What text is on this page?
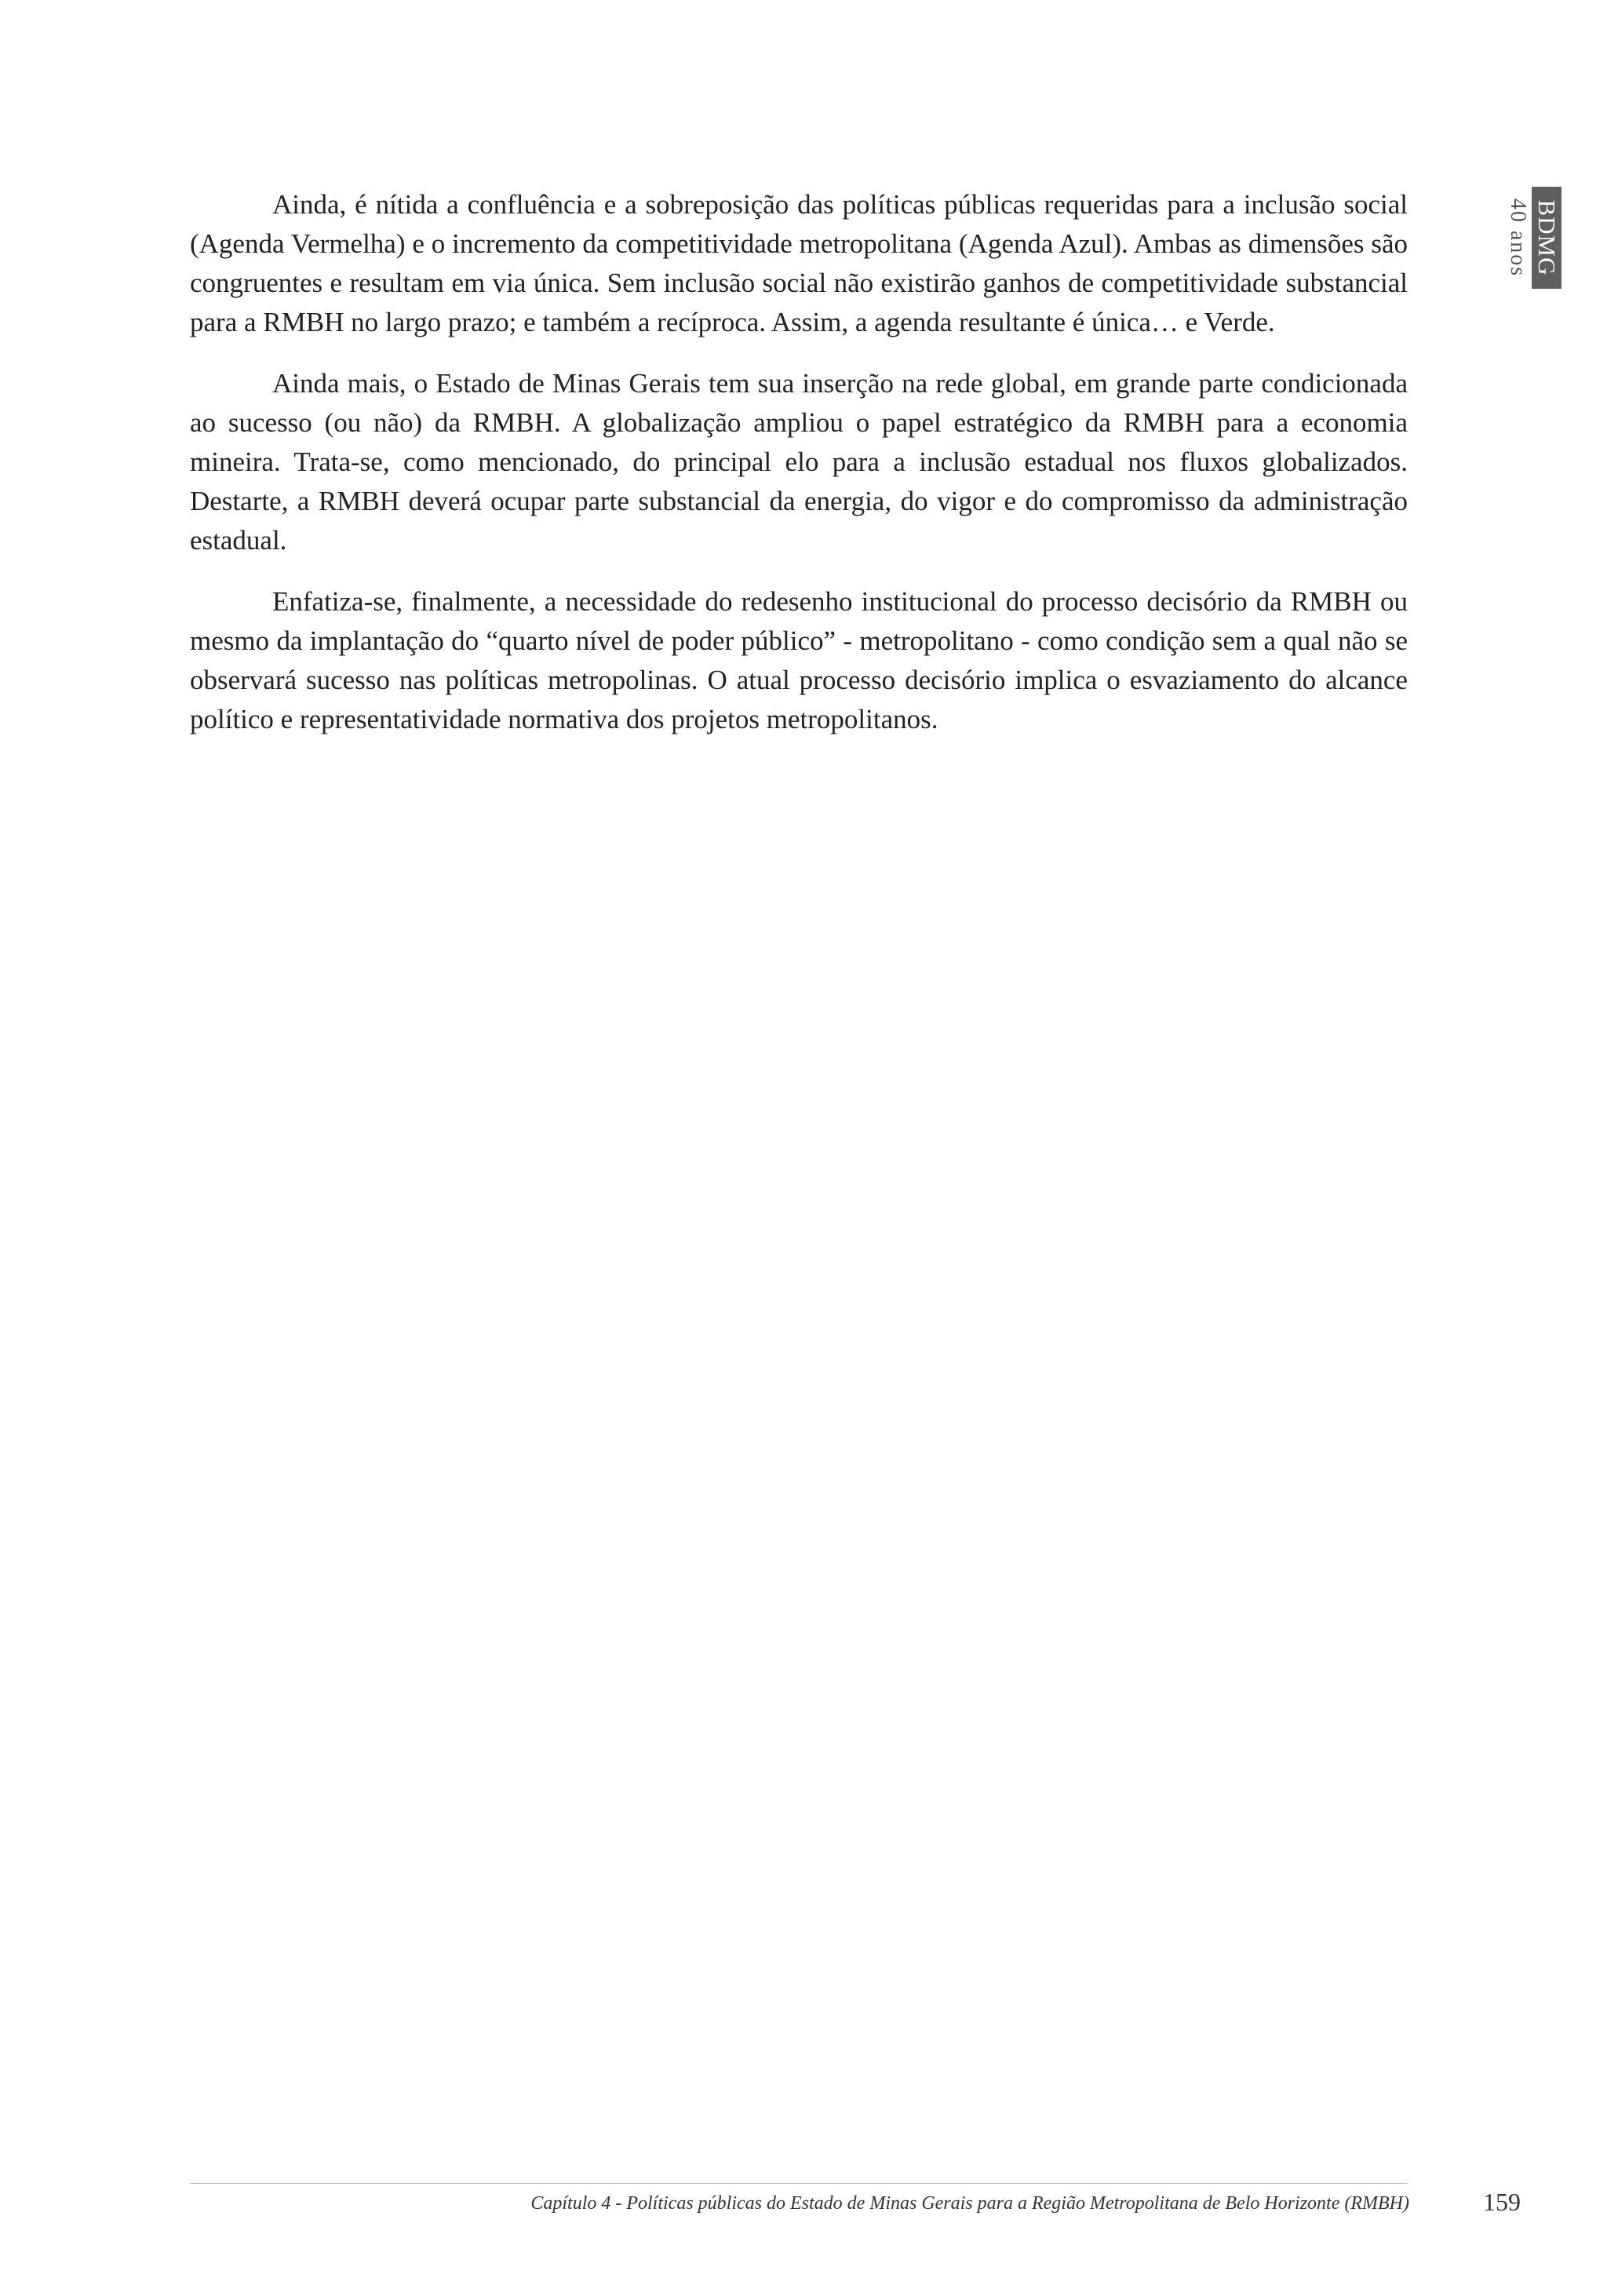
Ainda, é nítida a confluência e a sobreposição das políticas públicas requeridas para a inclusão social (Agenda Vermelha) e o incremento da competitividade metropolitana (Agenda Azul). Ambas as dimensões são congruentes e resultam em via única. Sem inclusão social não existirão ganhos de competitividade substancial para a RMBH no largo prazo; e também a recíproca. Assim, a agenda resultante é única… e Verde.

Ainda mais, o Estado de Minas Gerais tem sua inserção na rede global, em grande parte condicionada ao sucesso (ou não) da RMBH. A globalização ampliou o papel estratégico da RMBH para a economia mineira. Trata-se, como mencionado, do principal elo para a inclusão estadual nos fluxos globalizados. Destarte, a RMBH deverá ocupar parte substancial da energia, do vigor e do compromisso da administração estadual.

Enfatiza-se, finalmente, a necessidade do redesenho institucional do processo decisório da RMBH ou mesmo da implantação do “quarto nível de poder público” - metropolitano - como condição sem a qual não se observará sucesso nas políticas metropolinas. O atual processo decisório implica o esvaziamento do alcance político e representatividade normativa dos projetos metropolitanos.

BDMG
40 anos
Capítulo 4 - Políticas públicas do Estado de Minas Gerais para a Região Metropolitana de Belo Horizonte (RMBH)	159
